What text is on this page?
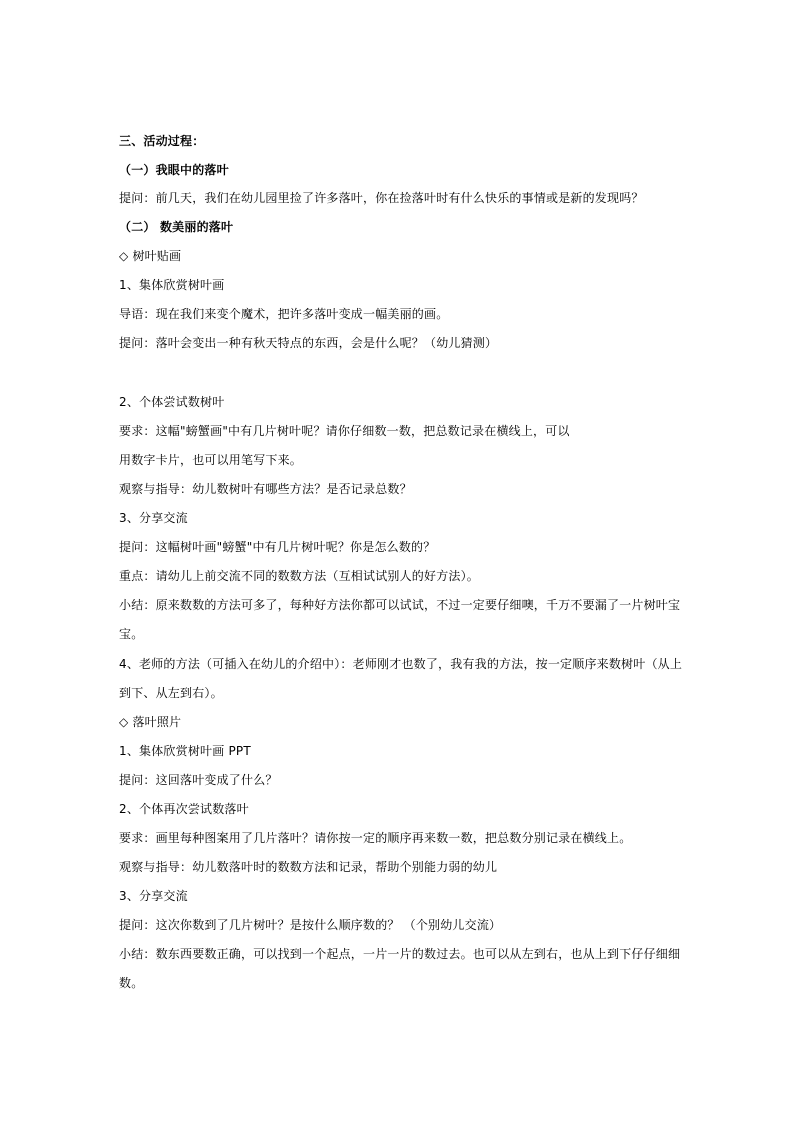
三、活动过程：
（一）我眼中的落叶
提问：前几天，我们在幼儿园里捡了许多落叶，你在捡落叶时有什么快乐的事情或是新的发现吗？
（二） 数美丽的落叶
◇ 树叶贴画
1、集体欣赏树叶画
导语：现在我们来变个魔术，把许多落叶变成一幅美丽的画。
提问：落叶会变出一种有秋天特点的东西，会是什么呢？（幼儿猜测）
2、个体尝试数树叶
要求：这幅"螃蟹画"中有几片树叶呢？请你仔细数一数，把总数记录在横线上，可以
用数字卡片，也可以用笔写下来。
观察与指导：幼儿数树叶有哪些方法？是否记录总数？
3、分享交流
提问：这幅树叶画"螃蟹"中有几片树叶呢？你是怎么数的？
重点：请幼儿上前交流不同的数数方法（互相试试别人的好方法）。
小结：原来数数的方法可多了，每种好方法你都可以试试，不过一定要仔细噢，千万不要漏了一片树叶宝
宝。
4、老师的方法（可插入在幼儿的介绍中）：老师刚才也数了，我有我的方法，按一定顺序来数树叶（从上
到下、从左到右）。
◇ 落叶照片
1、集体欣赏树叶画 PPT
提问：这回落叶变成了什么？
2、个体再次尝试数落叶
要求：画里每种图案用了几片落叶？请你按一定的顺序再来数一数，把总数分别记录在横线上。
观察与指导：幼儿数落叶时的数数方法和记录，帮助个别能力弱的幼儿
3、分享交流
提问：这次你数到了几片树叶？是按什么顺序数的？ （个别幼儿交流）
小结：数东西要数正确，可以找到一个起点，一片一片的数过去。也可以从左到右，也从上到下仔仔细细
数。
